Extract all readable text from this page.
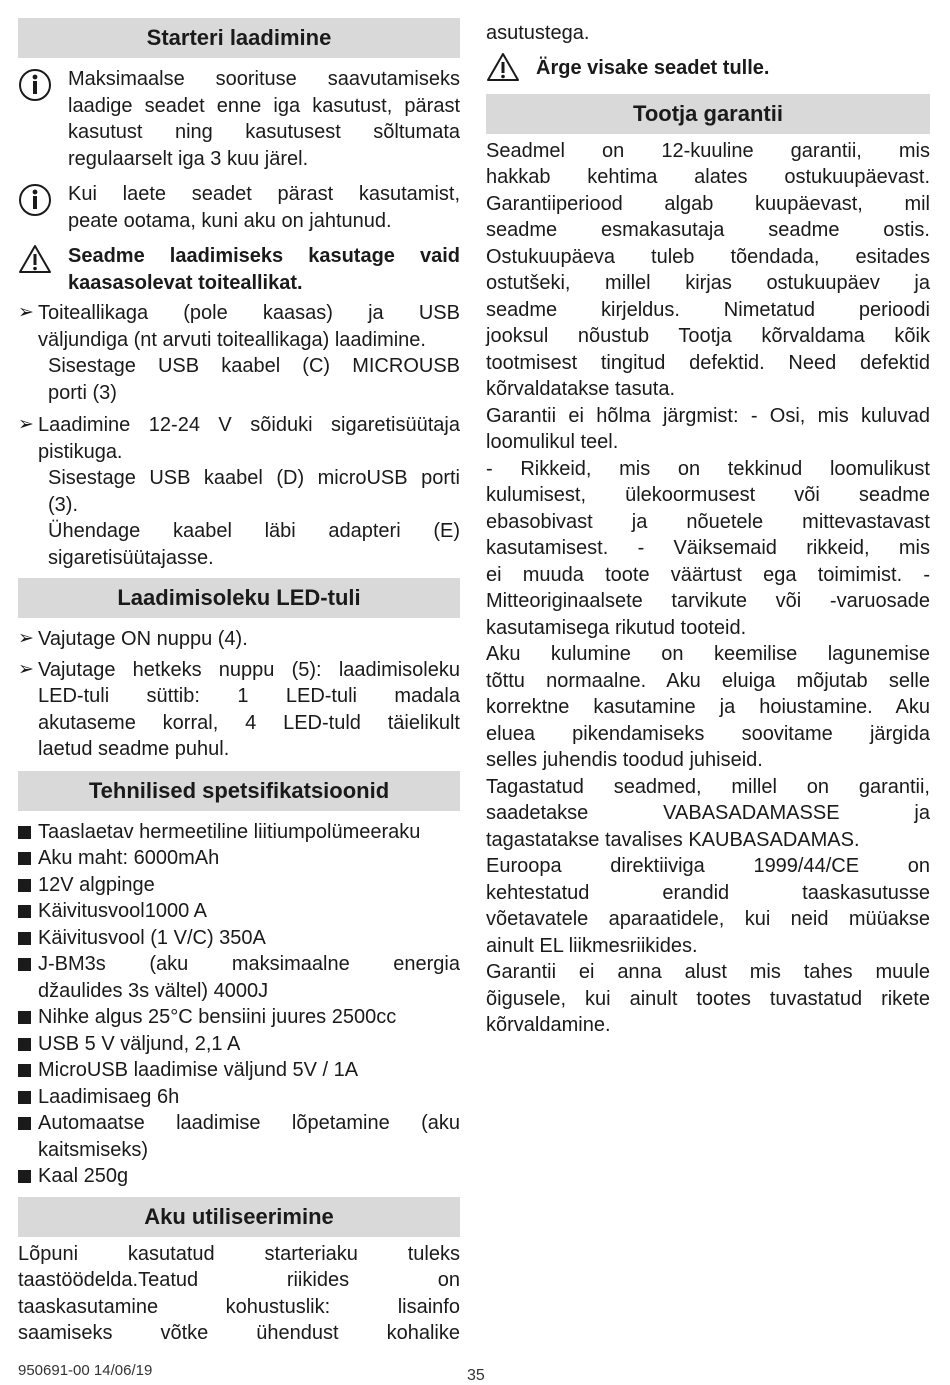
Starteri laadimine

Maksimaalse soorituse saavutamiseks

laadige seadet enne iga kasutust, pärast

kasutust ning kasutusest sõltumata

regulaarselt iga 3 kuu järel.

Kui laete seadet pärast kasutamist,

peate ootama, kuni aku on jahtunud.

Seadme laadimiseks kasutage vaid

kaasasolevat toiteallikat.

➢ Toiteallikaga (pole kaasas) ja USB

väljundiga (nt arvuti toiteallikaga) laadimine.

Sisestage USB kaabel (C) MICROUSB

porti (3)

➢ Laadimine 12-24 V sõiduki sigaretisüütaja

pistikuga.

Sisestage USB kaabel (D) microUSB porti

(3).

Ühendage kaabel läbi adapteri (E)

sigaretisüütajasse.

Laadimisoleku LED-tuli
➢ Vajutage ON nuppu (4).

➢ Vajutage hetkeks nuppu (5): laadimisoleku

LED-tuli süttib: 1 LED-tuli madala

akutaseme korral, 4 LED-tuld täielikult

laetud seadme puhul.

Tehnilised spetsifikatsioonid

Taaslaetav hermeetiline liitiumpolümeeraku

Aku maht: 6000mAh

12V algpinge

Käivitusvool1000 A

Käivitusvool (1 V/C) 350A

J-BM3s (aku maksimaalne energia

džaulides 3s vältel) 4000J

Nihke algus 25°C bensiini juures 2500cc

USB 5 V väljund, 2,1 A

MicroUSB laadimise väljund 5V / 1A

Laadimisaeg 6h

Automaatse laadimise lõpetamine (aku

kaitsmiseks)

Kaal 250g

Aku utiliseerimine

Lõpuni kasutatud starteriaku tuleks

taastöödelda.Teatud riikides on

taaskasutamine kohustuslik: lisainfo

saamiseks võtke ühendust kohalike

asutustega.

Ärge visake seadet tulle.

Tootja garantii

Seadmel on 12-kuuline garantii, mis

hakkab kehtima alates ostukuupäevast.

Garantiiperiood algab kuupäevast, mil

seadme esmakasutaja seadme ostis.

Ostukuupäeva tuleb tõendada, esitades

ostutšeki, millel kirjas ostukuupäev ja

seadme kirjeldus. Nimetatud perioodi

jooksul nõustub Tootja kõrvaldama kõik

tootmisest tingitud defektid. Need defektid

kõrvaldatakse tasuta.

Garantii ei hõlma järgmist: - Osi, mis kuluvad

loomulikul teel.

- Rikkeid, mis on tekkinud loomulikust

kulumisest, ülekoormusest või seadme

ebasobivast ja nõuetele mittevastavast

kasutamisest. - Väiksemaid rikkeid, mis

ei muuda toote väärtust ega toimimist. -

Mitteoriginaalsete tarvikute või -varuosade

kasutamisega rikutud tooteid.

Aku kulumine on keemilise lagunemise

tõttu normaalne. Aku eluiga mõjutab selle

korrektne kasutamine ja hoiustamine. Aku

eluea pikendamiseks soovitame järgida

selles juhendis toodud juhiseid.

Tagastatud seadmed, millel on garantii,

saadetakse VABASADAMASSE ja

tagastatakse tavalises KAUBASADAMAS.

Euroopa direktiiviga 1999/44/CE on

kehtestatud erandid taaskasutusse

võetavatele aparaatidele, kui neid müüakse

ainult EL liikmesriikides.

Garantii ei anna alust mis tahes muule

õigusele, kui ainult tootes tuvastatud rikete

kõrvaldamine.

950691-00 14/06/19	35
